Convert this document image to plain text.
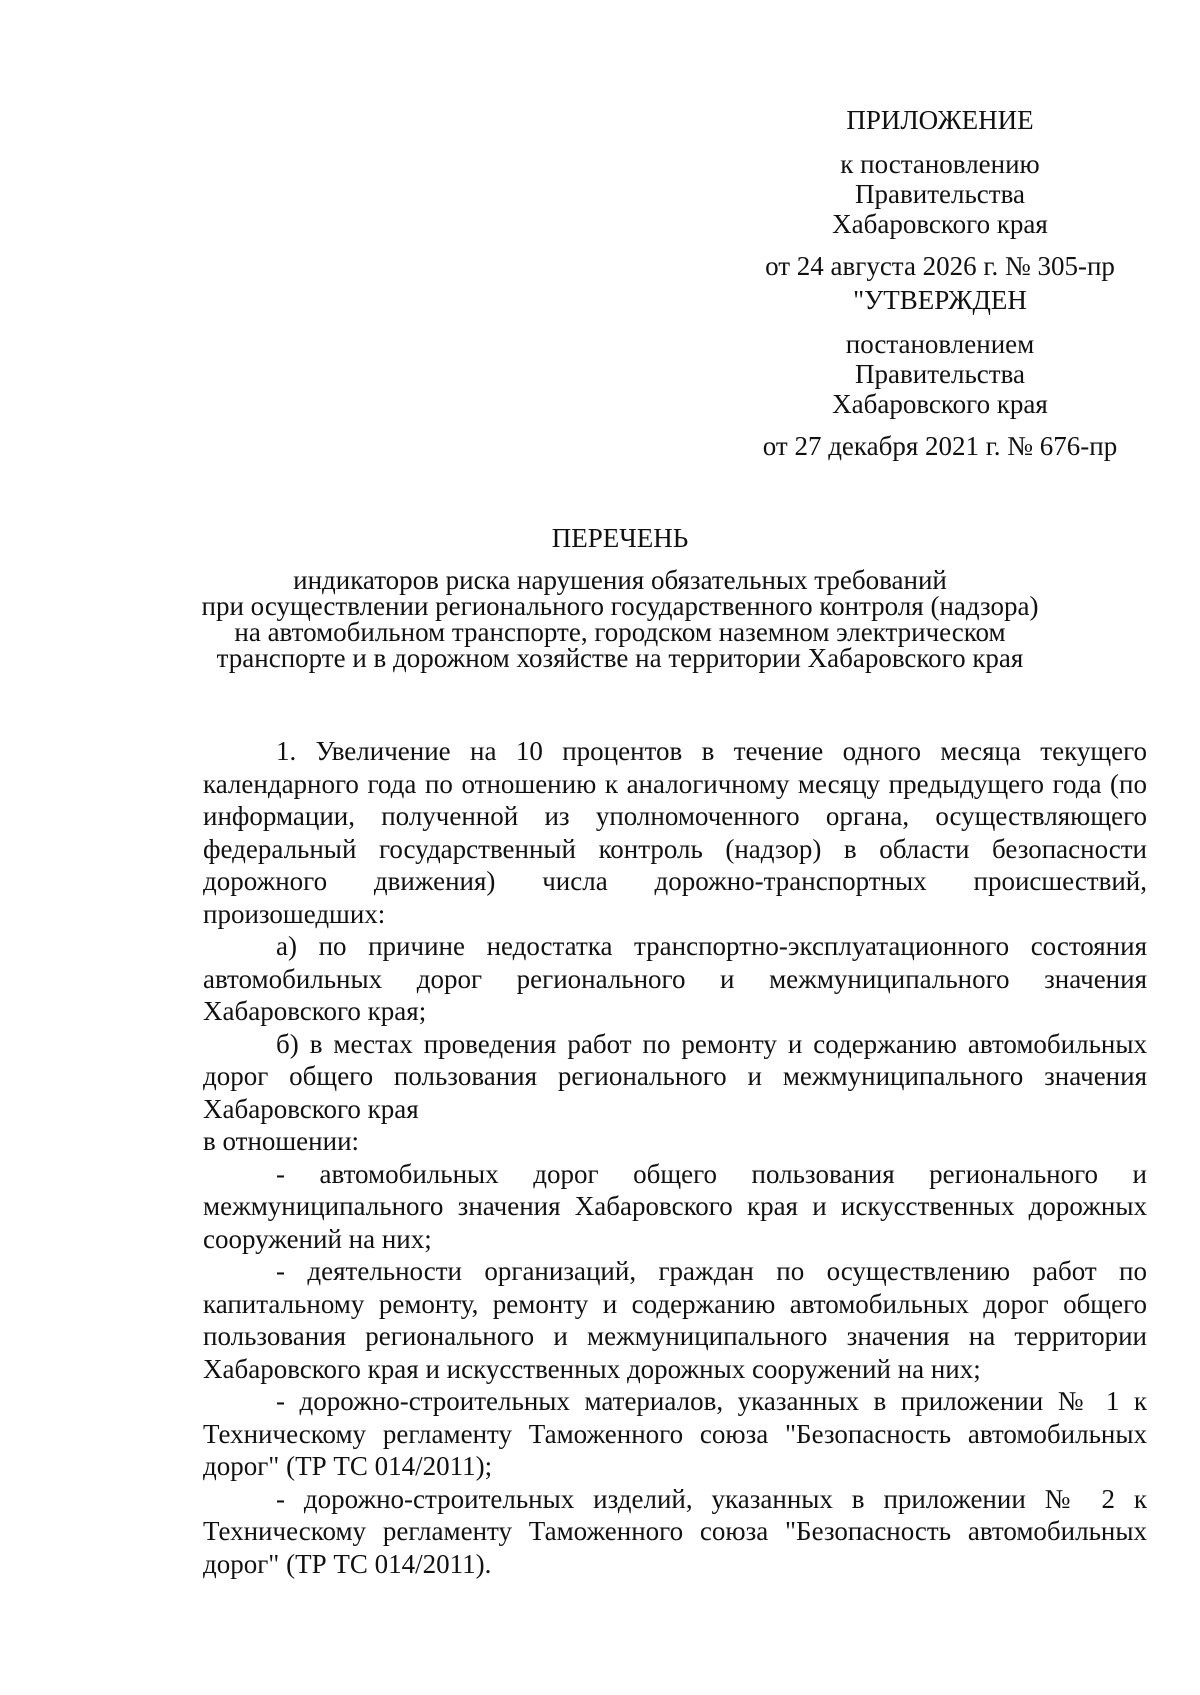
ПРИЛОЖЕНИЕ
к постановлению
Правительства
Хабаровского края
от 24 августа 2026 г. № 305-пр
"УТВЕРЖДЕН
постановлением
Правительства
Хабаровского края
от 27 декабря 2021 г. № 676-пр
ПЕРЕЧЕНЬ
индикаторов риска нарушения обязательных требований
при осуществлении регионального государственного контроля (надзора)
на автомобильном транспорте, городском наземном электрическом
транспорте и в дорожном хозяйстве на территории Хабаровского края

1. Увеличение на 10 процентов в течение одного месяца текущего календарного года по отношению к аналогичному месяцу предыдущего года (по информации, полученной из уполномоченного органа, осуществляющего федеральный государственный контроль (надзор) в области безопасности дорожного движения) числа дорожно-транспортных происшествий, произошедших:

а) по причине недостатка транспортно-эксплуатационного состояния автомобильных дорог регионального и межмуниципального значения Хабаровского края;

б) в местах проведения работ по ремонту и содержанию автомобильных дорог общего пользования регионального и межмуниципального значения Хабаровского края

в отношении:

- автомобильных дорог общего пользования регионального и межмуниципального значения Хабаровского края и искусственных дорожных сооружений на них;

- деятельности организаций, граждан по осуществлению работ по капитальному ремонту, ремонту и содержанию автомобильных дорог общего пользования регионального и межмуниципального значения на территории Хабаровского края и искусственных дорожных сооружений на них;

- дорожно-строительных материалов, указанных в приложении № 1 к Техническому регламенту Таможенного союза "Безопасность автомобильных дорог" (ТР ТС 014/2011);

- дорожно-строительных изделий, указанных в приложении № 2 к Техническому регламенту Таможенного союза "Безопасность автомобильных дорог" (ТР ТС 014/2011).
